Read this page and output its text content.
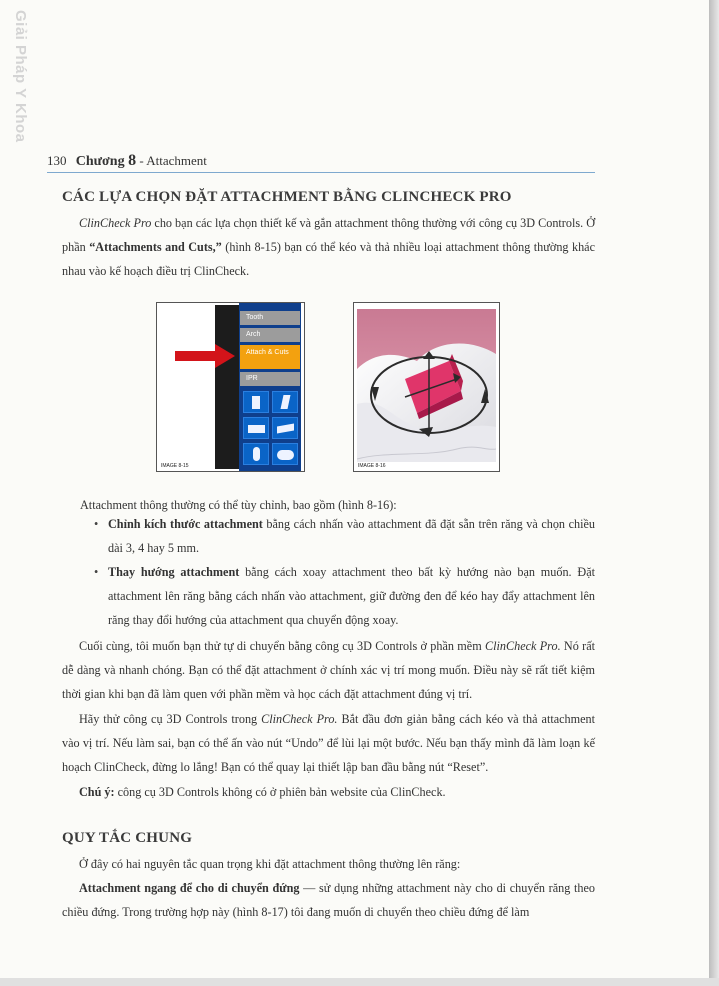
Giải Pháp Y Khoa
130 Chương 8 - Attachment
CÁC LỰA CHỌN ĐẶT ATTACHMENT BẰNG CLINCHECK PRO

ClinCheck Pro cho bạn các lựa chọn thiết kế và gắn attachment thông thường với công cụ 3D Controls. Ở phần “Attachments and Cuts,” (hình 8-15) bạn có thể kéo và thả nhiều loại attachment thông thường khác nhau vào kế hoạch điều trị ClinCheck.

Tooth
Arch
Attach & Cuts
IPR
IMAGE 8-15	IMAGE 8-16
Attachment thông thường có thể tùy chỉnh, bao gồm (hình 8-16):
• Chỉnh kích thước attachment bằng cách nhấn vào attachment đã đặt sẵn trên răng và chọn chiều dài 3, 4 hay 5 mm.
• Thay hướng attachment bằng cách xoay attachment theo bất kỳ hướng nào bạn muốn. Đặt attachment lên răng bằng cách nhấn vào attachment, giữ đường đen để kéo hay đẩy attachment lên răng thay đổi hướng của attachment qua chuyển động xoay.

Cuối cùng, tôi muốn bạn thử tự di chuyển bằng công cụ 3D Controls ở phần mềm ClinCheck Pro. Nó rất dễ dàng và nhanh chóng. Bạn có thể đặt attachment ở chính xác vị trí mong muốn. Điều này sẽ rất tiết kiệm thời gian khi bạn đã làm quen với phần mềm và học cách đặt attachment đúng vị trí.

Hãy thử công cụ 3D Controls trong ClinCheck Pro. Bắt đầu đơn giản bằng cách kéo và thả attachment vào vị trí. Nếu làm sai, bạn có thể ấn vào nút “Undo” để lùi lại một bước. Nếu bạn thấy mình đã làm loạn kế hoạch ClinCheck, đừng lo lắng! Bạn có thể quay lại thiết lập ban đầu bằng nút “Reset”.

Chú ý: công cụ 3D Controls không có ở phiên bản website của ClinCheck.

QUY TẮC CHUNG

Ở đây có hai nguyên tắc quan trọng khi đặt attachment thông thường lên răng:

Attachment ngang để cho di chuyển đứng — sử dụng những attachment này cho di chuyển răng theo chiều đứng. Trong trường hợp này (hình 8-17) tôi đang muốn di chuyển theo chiều đứng để làm
